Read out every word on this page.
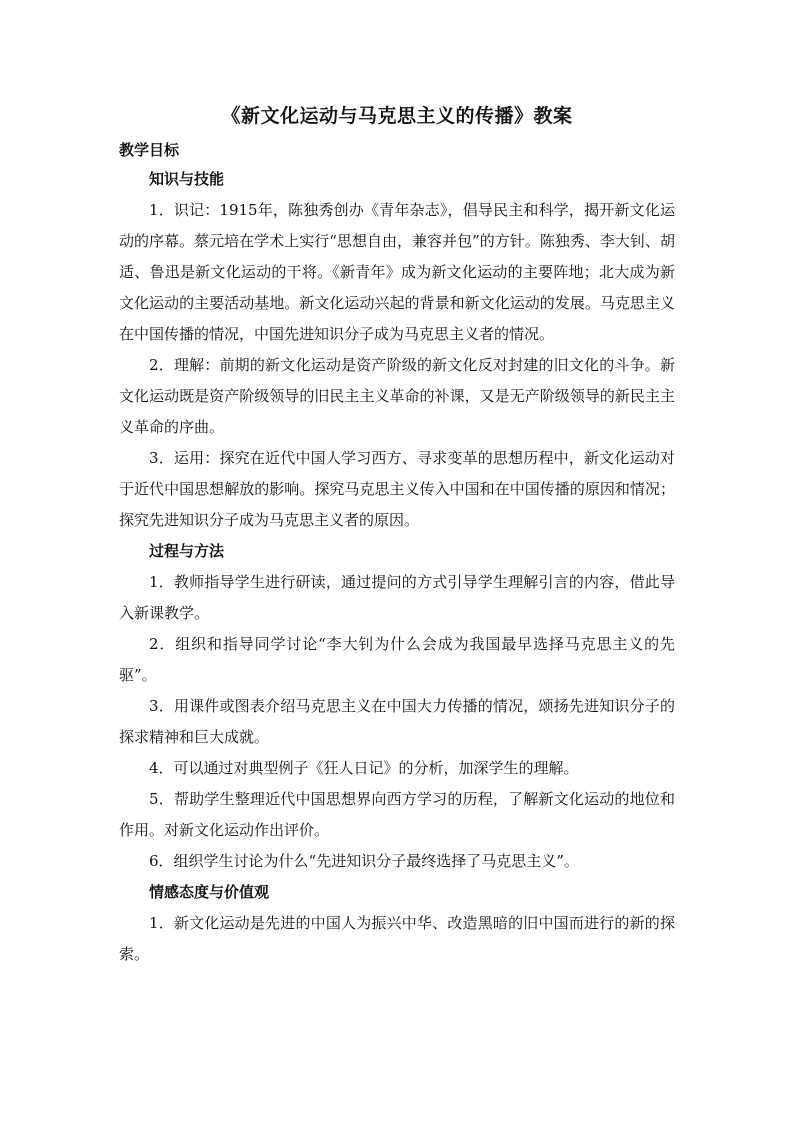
《新文化运动与马克思主义的传播》教案
教学目标
知识与技能

1．识记：1915年，陈独秀创办《青年杂志》，倡导民主和科学，揭开新文化运动的序幕。蔡元培在学术上实行“思想自由，兼容并包”的方针。陈独秀、李大钊、胡适、鲁迅是新文化运动的干将。《新青年》成为新文化运动的主要阵地；北大成为新文化运动的主要活动基地。新文化运动兴起的背景和新文化运动的发展。马克思主义在中国传播的情况，中国先进知识分子成为马克思主义者的情况。

2．理解：前期的新文化运动是资产阶级的新文化反对封建的旧文化的斗争。新文化运动既是资产阶级领导的旧民主主义革命的补课，又是无产阶级领导的新民主主义革命的序曲。

3．运用：探究在近代中国人学习西方、寻求变革的思想历程中，新文化运动对于近代中国思想解放的影响。探究马克思主义传入中国和在中国传播的原因和情况；探究先进知识分子成为马克思主义者的原因。

过程与方法

1．教师指导学生进行研读，通过提问的方式引导学生理解引言的内容，借此导入新课教学。

2．组织和指导同学讨论“李大钊为什么会成为我国最早选择马克思主义的先驱”。

3．用课件或图表介绍马克思主义在中国大力传播的情况，颂扬先进知识分子的探求精神和巨大成就。

4．可以通过对典型例子《狂人日记》的分析，加深学生的理解。

5．帮助学生整理近代中国思想界向西方学习的历程，了解新文化运动的地位和作用。对新文化运动作出评价。

6．组织学生讨论为什么“先进知识分子最终选择了马克思主义”。

情感态度与价值观

1．新文化运动是先进的中国人为振兴中华、改造黑暗的旧中国而进行的新的探索。
